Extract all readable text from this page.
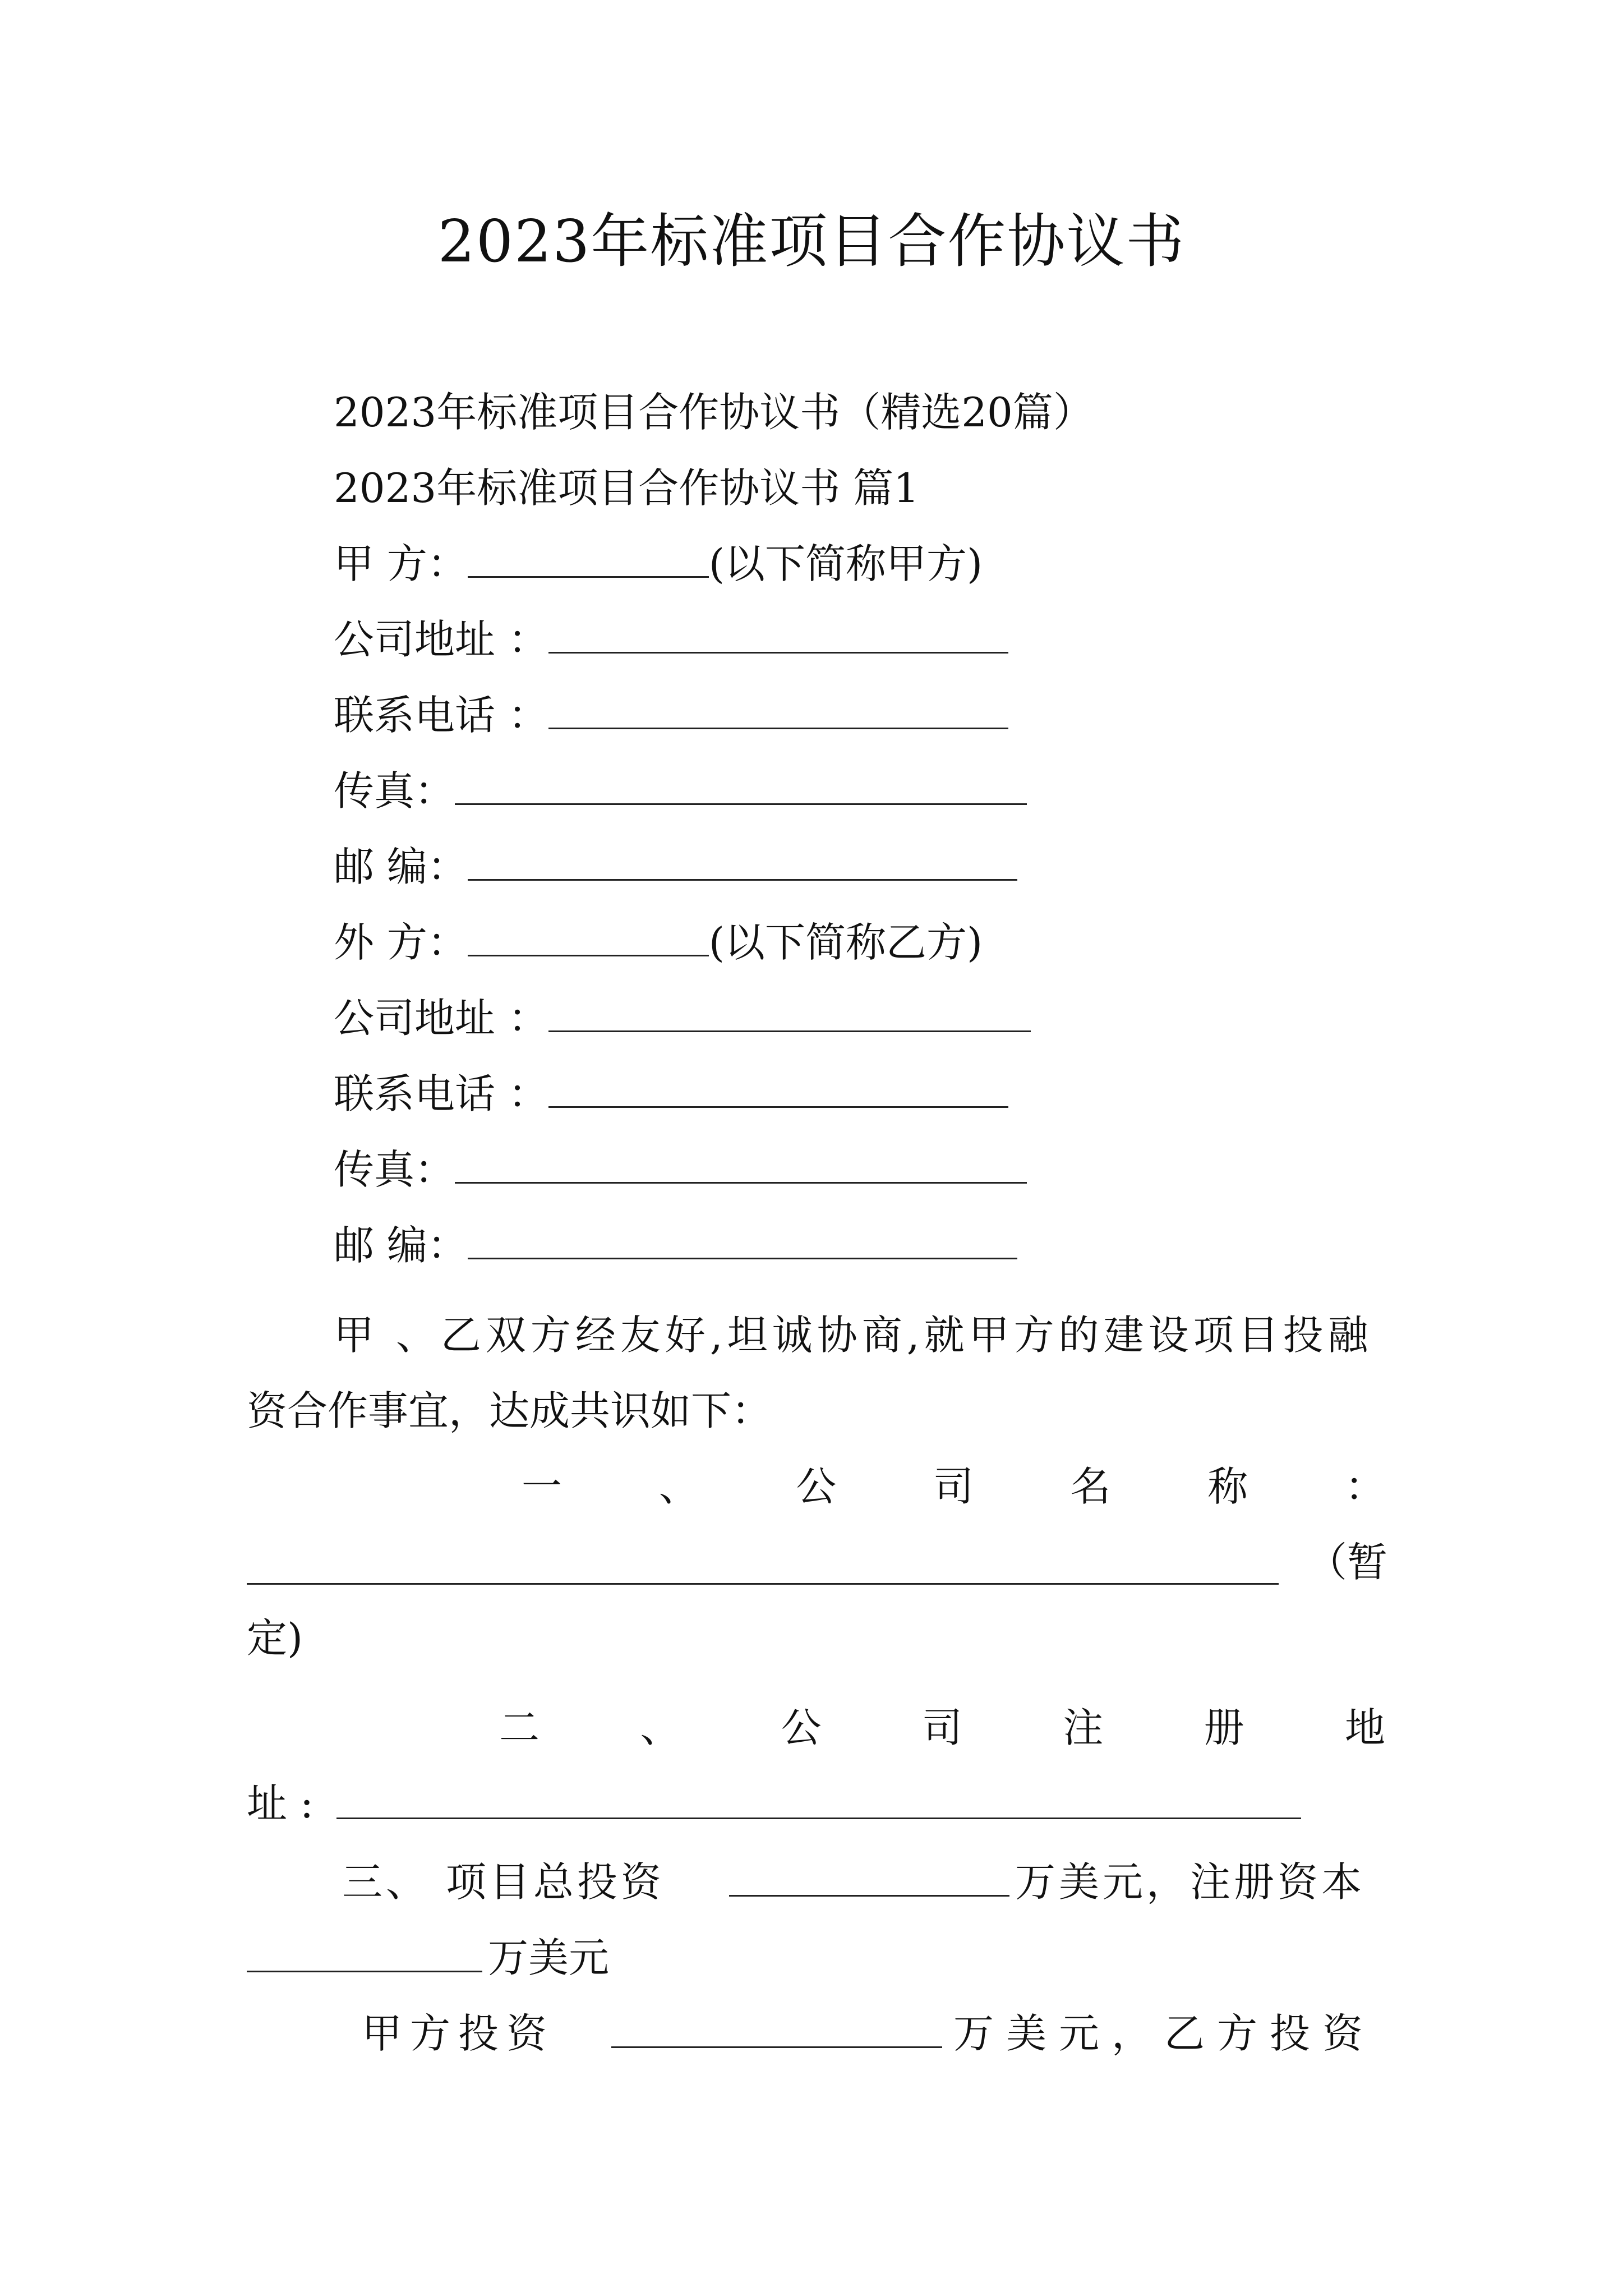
2023年标准项目合作协议书
2023年标准项目合作协议书（精选20篇）
2023年标准项目合作协议书 篇1
甲 方：	(以下简称甲方)
公司地址 ：
联系电话 ：
传真：
邮 编：
外 方：	(以下简称乙方)
公司地址 ：
联系电话 ：
传真：
邮 编：
甲 、乙双方经友好,坦诚协商,就甲方的建设项目投融
资合作事宜，达成共识如下：
一 、 公 司 名 称 ：
（暂
定)
二 、 公 司 注 册 地
址 :
三、 项目总投资	万美元，注册资本
万美元
甲方投资	万美元，乙方投资
